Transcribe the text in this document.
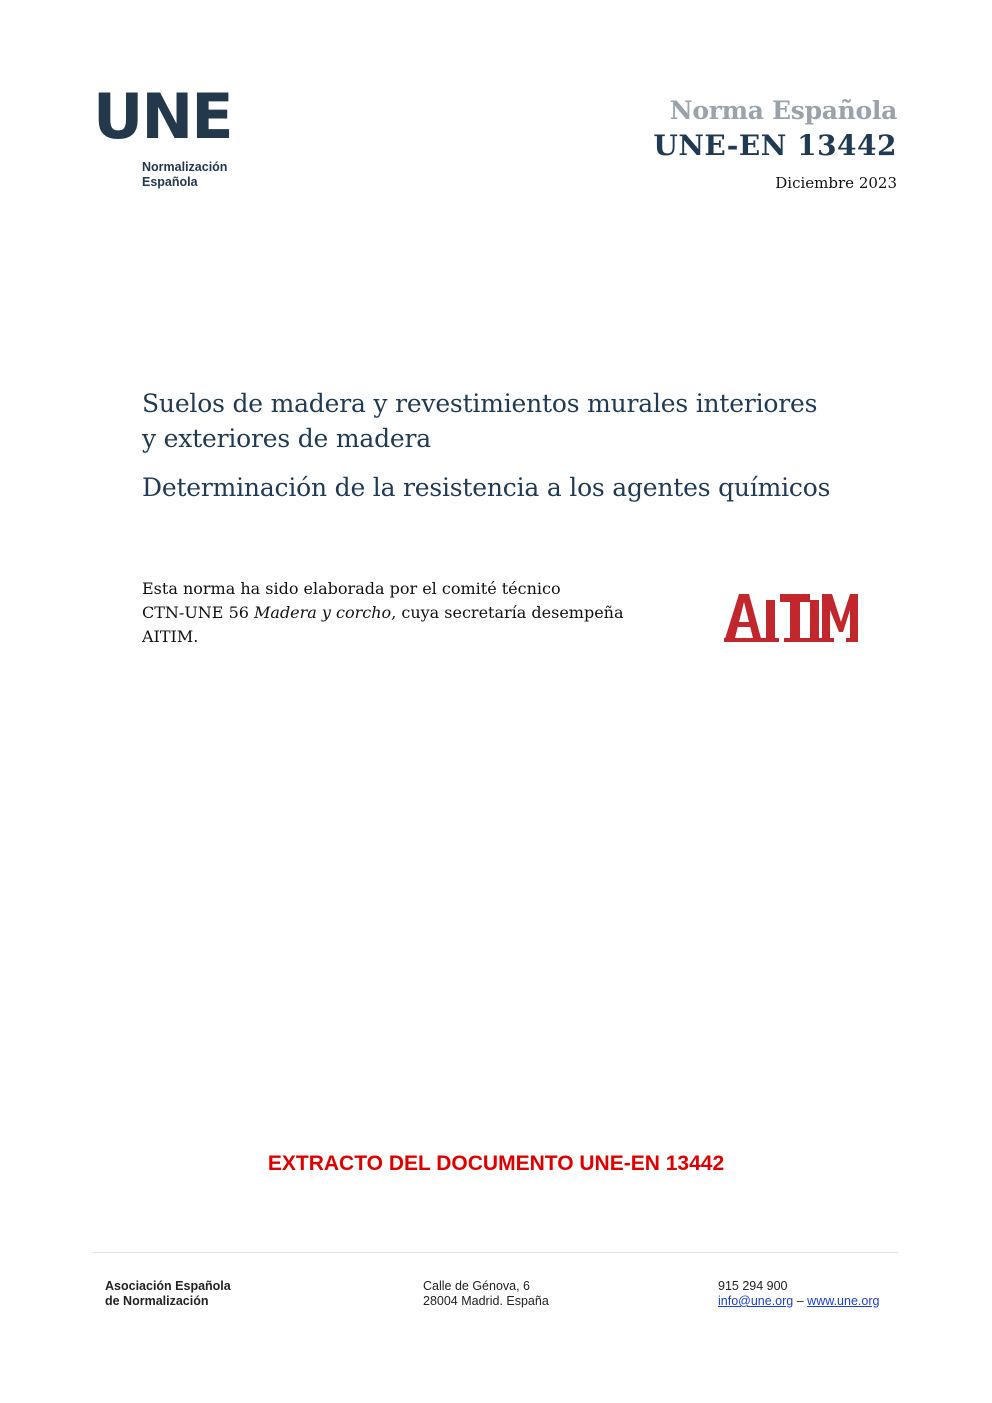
UNE
Normalización
Española
Norma Española
UNE-EN 13442
Diciembre 2023
Suelos de madera y revestimientos murales interiores
y exteriores de madera
Determinación de la resistencia a los agentes químicos
Esta norma ha sido elaborada por el comité técnico
CTN-UNE 56 Madera y corcho, cuya secretaría desempeña
AITIM.
EXTRACTO DEL DOCUMENTO UNE-EN 13442
Asociación Española
de Normalización
Calle de Génova, 6
28004 Madrid. España
915 294 900
info@une.org – www.une.org
